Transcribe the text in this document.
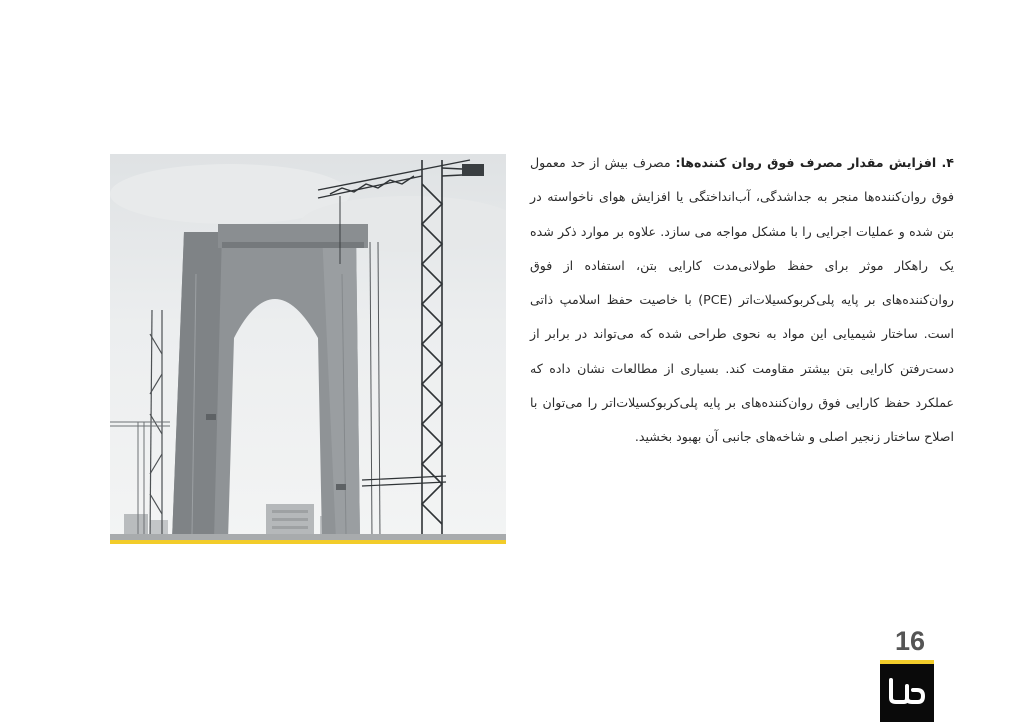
۴. افزایش مقدار مصرف فوق روان کننده‌ها: مصرف بیش از حد معمول فوق روان‌کننده‌ها منجر به جداشدگی، آب‌انداختگی یا افزایش هوای ناخواسته در بتن شده و عملیات اجرایی را با مشکل مواجه می سازد. علاوه بر موارد ذکر شده یک راهکار موثر برای حفظ طولانی‌مدت کارایی بتن، استفاده از فوق روان‌کننده‌های بر پایه پلی‌کربوکسیلات‌اتر (PCE) با خاصیت حفظ اسلامپ ذاتی است. ساختار شیمیایی این مواد به نحوی طراحی شده که می‌تواند در برابر از دست‌رفتن کارایی بتن بیشتر مقاومت کند. بسیاری از مطالعات نشان داده که عملکرد حفظ کارایی فوق روان‌کننده‌های بر پایه پلی‌کربوکسیلات‌اتر را می‌توان با اصلاح ساختار زنجیر اصلی و شاخه‌های جانبی آن بهبود بخشید.
16
